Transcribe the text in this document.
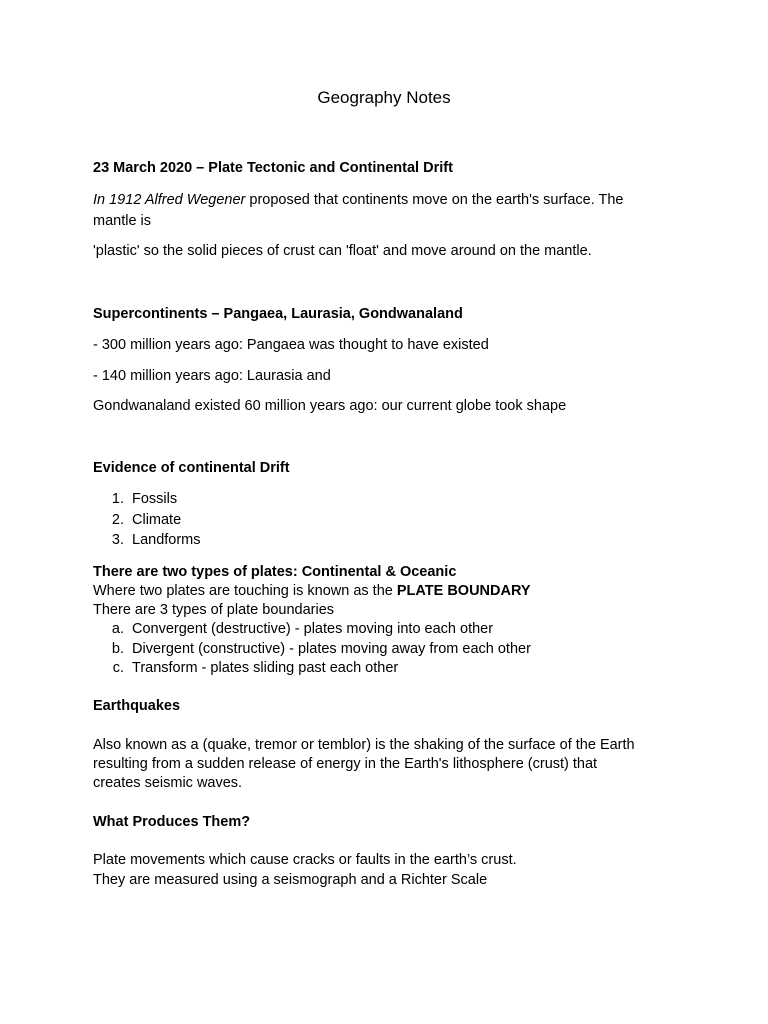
Geography Notes
23 March 2020 – Plate Tectonic and Continental Drift
In 1912 Alfred Wegener proposed that continents move on the earth's surface. The
mantle is
'plastic' so the solid pieces of crust can 'float' and move around on the mantle.
Supercontinents – Pangaea, Laurasia, Gondwanaland
- 300 million years ago: Pangaea was thought to have existed
- 140 million years ago: Laurasia and
Gondwanaland existed 60 million years ago: our current globe took shape
Evidence of continental Drift
1. Fossils
2. Climate
3. Landforms
There are two types of plates: Continental & Oceanic
Where two plates are touching is known as the PLATE BOUNDARY
There are 3 types of plate boundaries
a. Convergent (destructive) - plates moving into each other
b. Divergent (constructive) - plates moving away from each other
c. Transform - plates sliding past each other
Earthquakes
Also known as a (quake, tremor or temblor) is the shaking of the surface of the Earth
resulting from a sudden release of energy in the Earth's lithosphere (crust) that
creates seismic waves.
What Produces Them?
Plate movements which cause cracks or faults in the earth’s crust.
They are measured using a seismograph and a Richter Scale
